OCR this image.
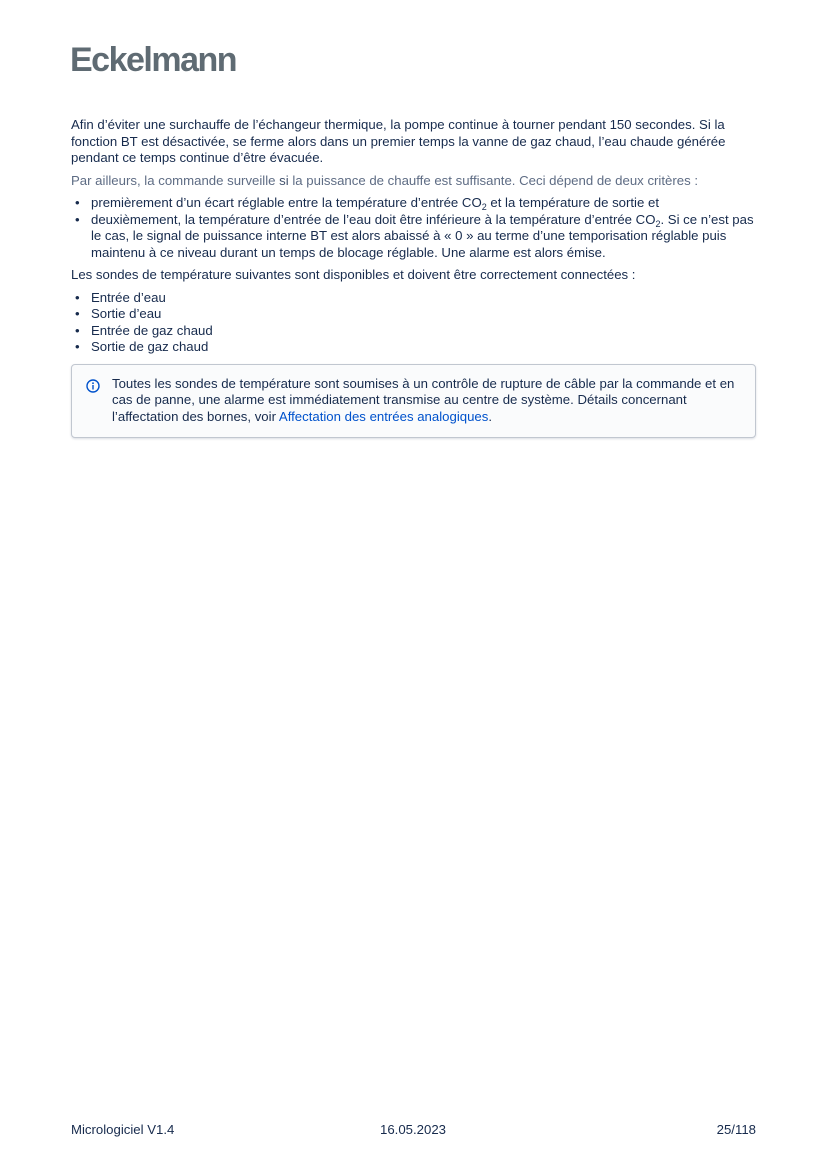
Eckelmann

Afin d’éviter une surchauffe de l’échangeur thermique, la pompe continue à tourner pendant 150 secondes. Si la fonction BT est désactivée, se ferme alors dans un premier temps la vanne de gaz chaud, l’eau chaude générée pendant ce temps continue d’être évacuée.

Par ailleurs, la commande surveille si la puissance de chauffe est suffisante. Ceci dépend de deux critères :

• premièrement d’un écart réglable entre la température d’entrée $CO_2$ et la température de sortie et
• deuxièmement, la température d’entrée de l’eau doit être inférieure à la température d’entrée $CO_2$. Si ce n’est pas le cas, le signal de puissance interne BT est alors abaissé à « 0 » au terme d’une temporisation réglable puis maintenu à ce niveau durant un temps de blocage réglable. Une alarme est alors émise.

Les sondes de température suivantes sont disponibles et doivent être correctement connectées :

• Entrée d’eau
• Sortie d’eau
• Entrée de gaz chaud
• Sortie de gaz chaud
Toutes les sondes de température sont soumises à un contrôle de rupture de câble par la commande et en cas de panne, une alarme est immédiatement transmise au centre de système. Détails concernant l’affectation des bornes, voir Affectation des entrées analogiques.
Micrologiciel V1.4	16.05.2023	25/118
